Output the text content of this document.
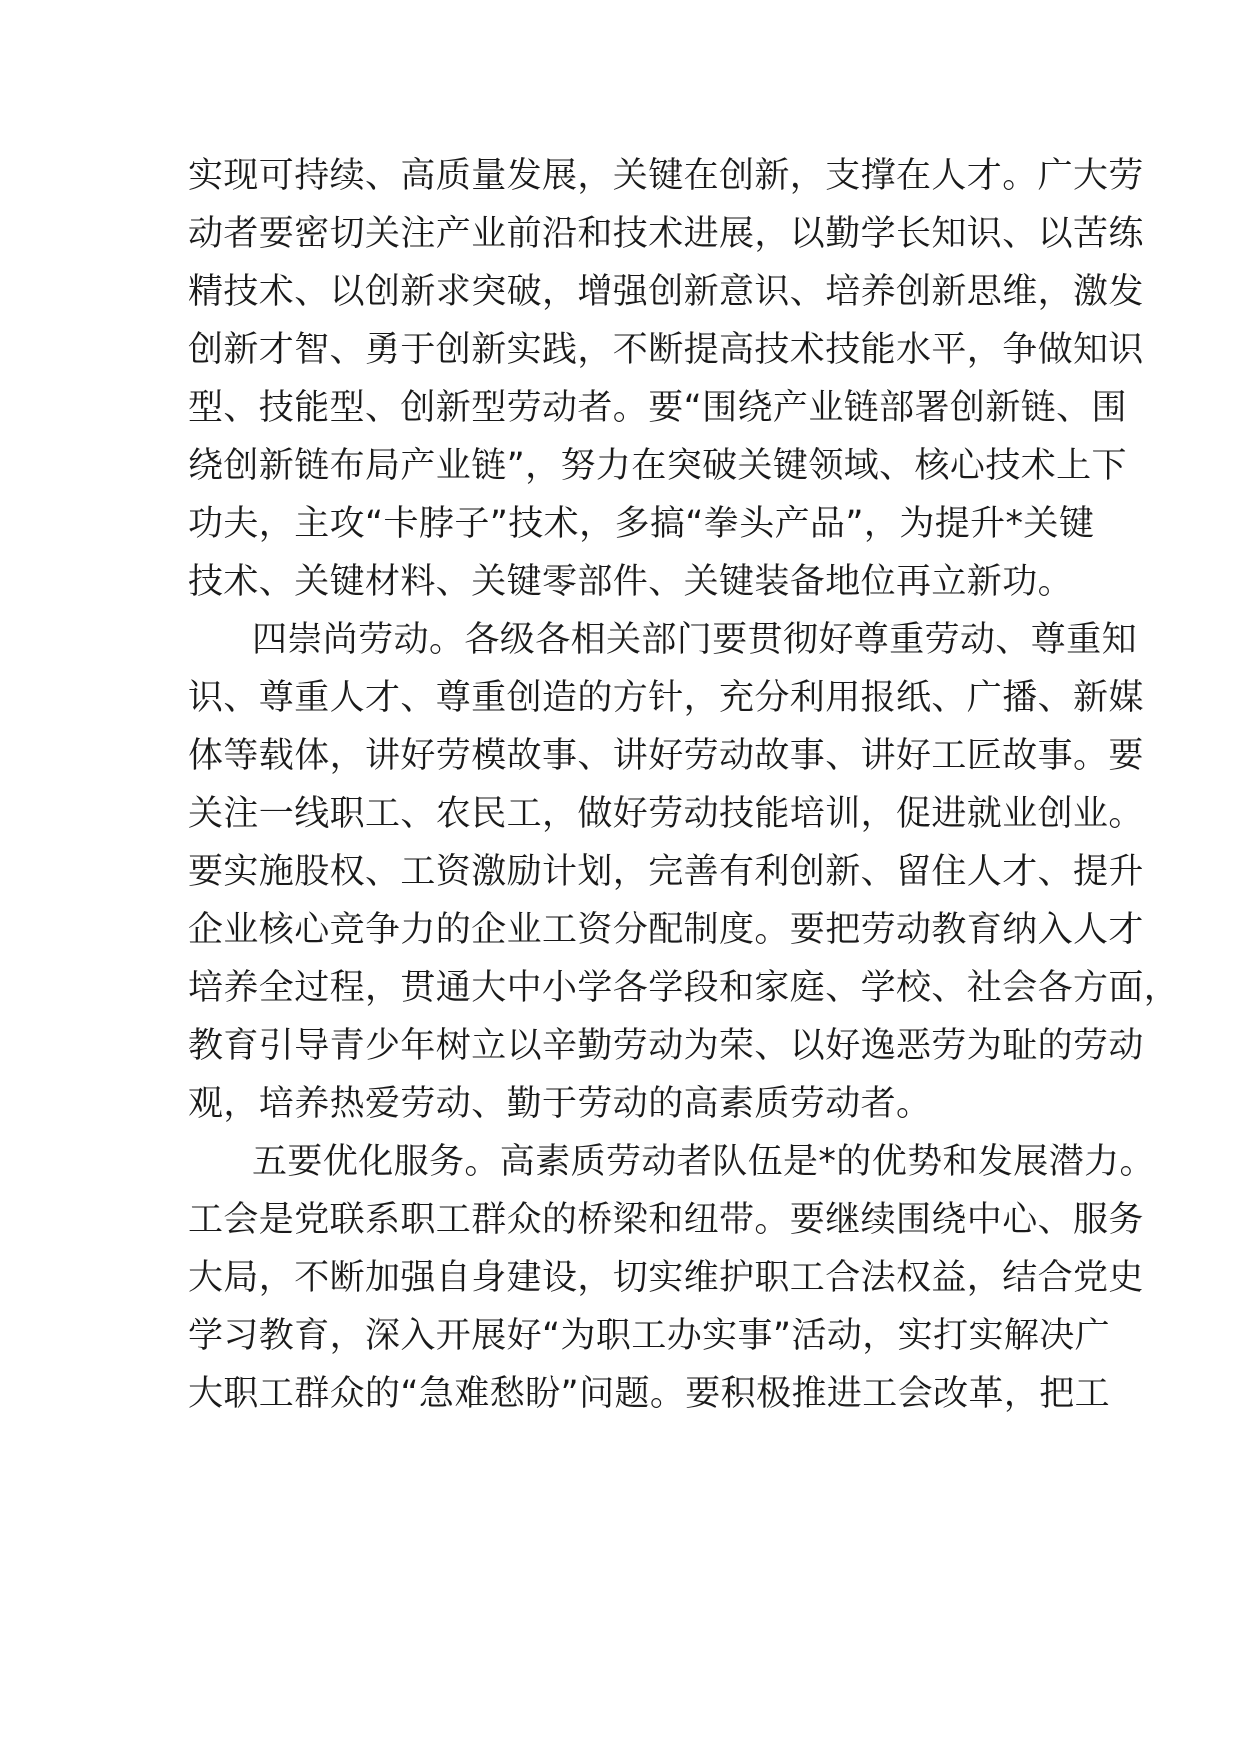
实现可持续、高质量发展，关键在创新，支撑在人才。广大劳
动者要密切关注产业前沿和技术进展，以勤学长知识、以苦练
精技术、以创新求突破，增强创新意识、培养创新思维，激发
创新才智、勇于创新实践，不断提高技术技能水平，争做知识
型、技能型、创新型劳动者。要“围绕产业链部署创新链、围
绕创新链布局产业链”，努力在突破关键领域、核心技术上下
功夫，主攻“卡脖子”技术，多搞“拳头产品”，为提升*关键
技术、关键材料、关键零部件、关键装备地位再立新功。
四崇尚劳动。各级各相关部门要贯彻好尊重劳动、尊重知
识、尊重人才、尊重创造的方针，充分利用报纸、广播、新媒
体等载体，讲好劳模故事、讲好劳动故事、讲好工匠故事。要
关注一线职工、农民工，做好劳动技能培训，促进就业创业。
要实施股权、工资激励计划，完善有利创新、留住人才、提升
企业核心竞争力的企业工资分配制度。要把劳动教育纳入人才
培养全过程，贯通大中小学各学段和家庭、学校、社会各方面，
教育引导青少年树立以辛勤劳动为荣、以好逸恶劳为耻的劳动
观，培养热爱劳动、勤于劳动的高素质劳动者。
五要优化服务。高素质劳动者队伍是*的优势和发展潜力。
工会是党联系职工群众的桥梁和纽带。要继续围绕中心、服务
大局，不断加强自身建设，切实维护职工合法权益，结合党史
学习教育，深入开展好“为职工办实事”活动，实打实解决广
大职工群众的“急难愁盼”问题。要积极推进工会改革，把工
